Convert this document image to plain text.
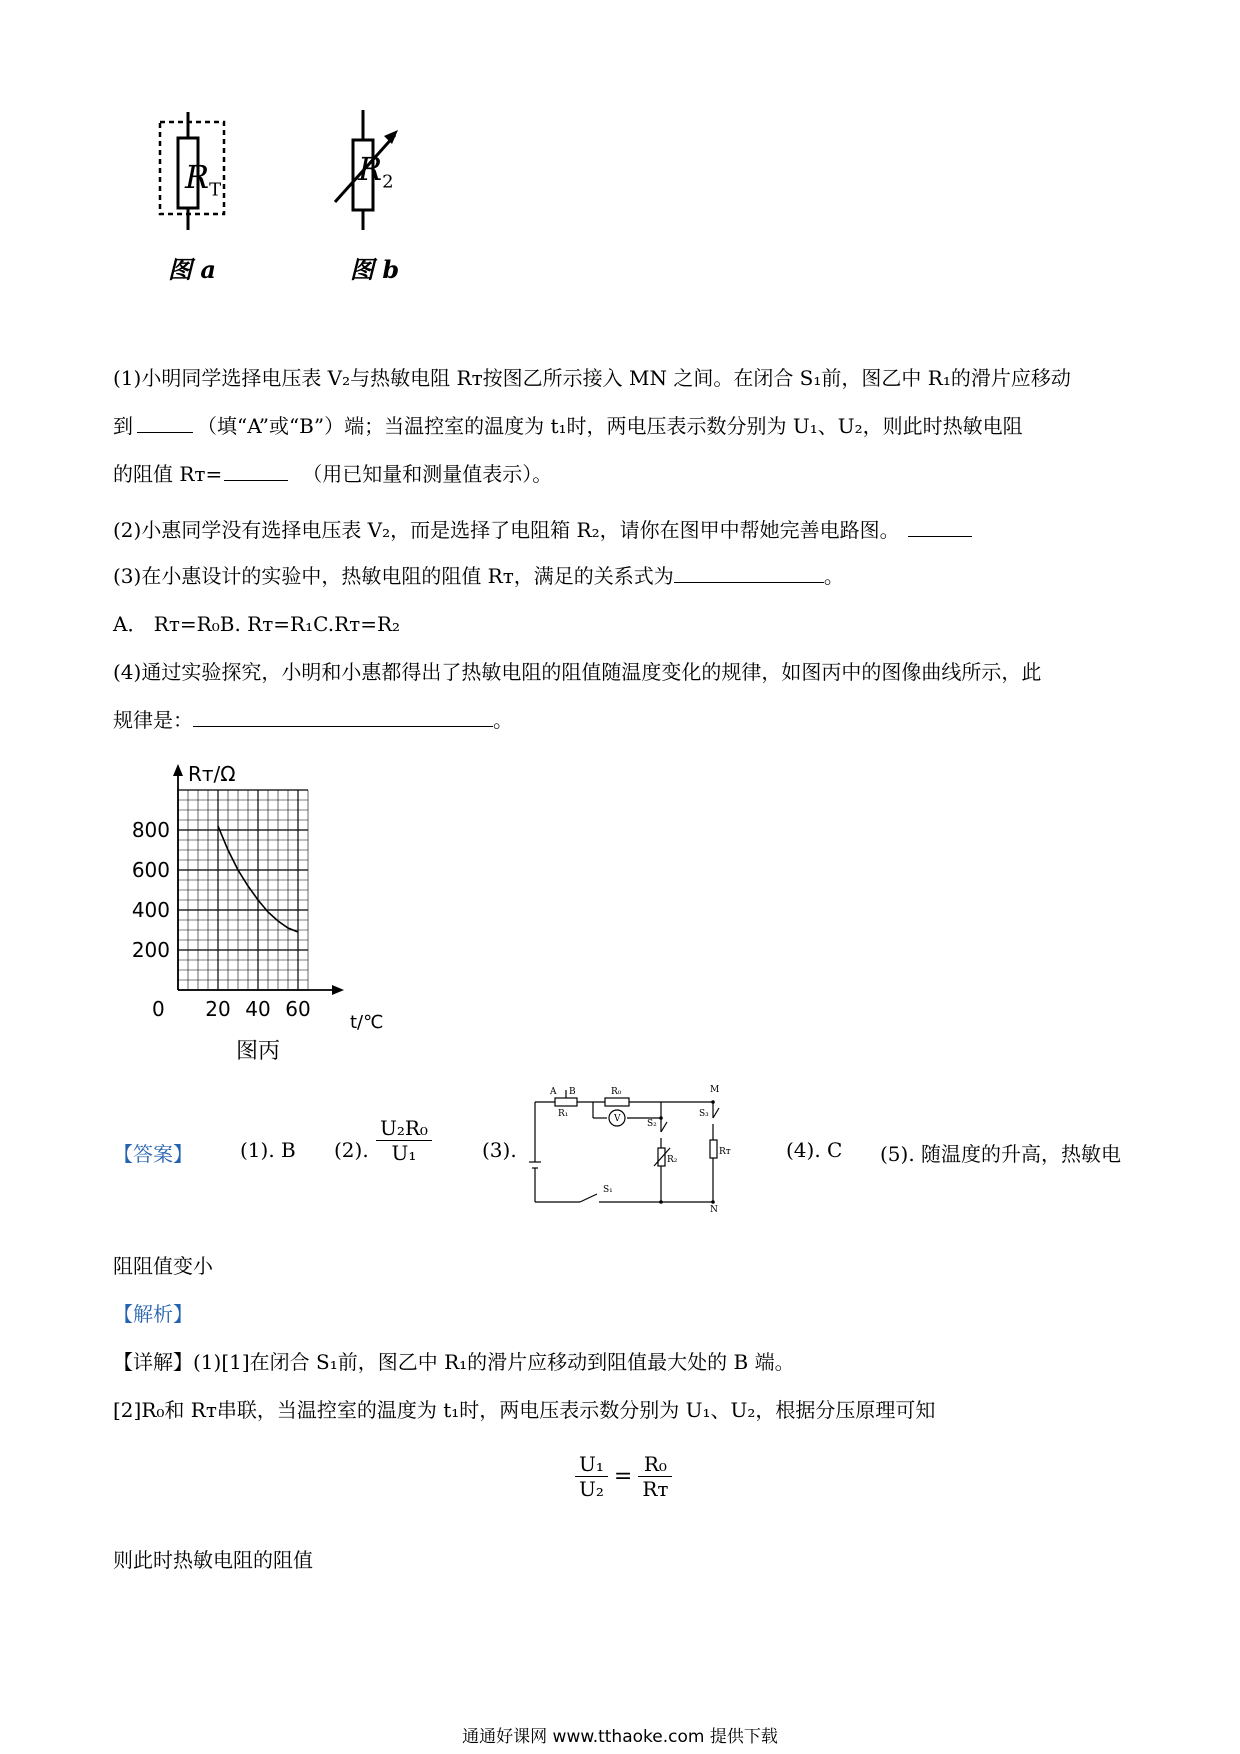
$R_T$
$R_2$
图 a	图 b
(1)小明同学选择电压表 V₂与热敏电阻 Rᴛ按图乙所示接入 MN 之间。在闭合 S₁前，图乙中 R₁的滑片应移动
到	（填“A”或“B”）端；当温控室的温度为 t₁时，两电压表示数分别为 U₁、U₂，则此时热敏电阻
的阻值 Rᴛ=	（用已知量和测量值表示）。
(2)小惠同学没有选择电压表 V₂，而是选择了电阻箱 R₂，请你在图甲中帮她完善电路图。
(3)在小惠设计的实验中，热敏电阻的阻值 Rᴛ，满足的关系式为	。
A． Rᴛ=R₀B. Rᴛ=R₁C.Rᴛ=R₂
(4)通过实验探究，小明和小惠都得出了热敏电阻的阻值随温度变化的规律，如图丙中的图像曲线所示，此
规律是：	。
800
600
400
200
0 20 40 60
Rᴛ/Ω
t/℃
图丙
【答案】 (1). B (2). $\frac{\text{U₂R₀}}{\text{U₁}}$	(3).
A B
R₁
R₀
V
M
N
S₁
S₂
S₃
R₂
Rᴛ	(4). C (5). 随温度的升高，热敏电
阻阻值变小
【解析】
【详解】(1)[1]在闭合 S₁前，图乙中 R₁的滑片应移动到阻值最大处的 B 端。
[2]R₀和 Rᴛ串联，当温控室的温度为 t₁时，两电压表示数分别为 U₁、U₂，根据分压原理可知
$\frac{\text{U₁}}{\text{U₂}} = \frac{\text{R₀}}{\text{Rᴛ}}$
则此时热敏电阻的阻值
通通好课网 www.tthaoke.com 提供下载
